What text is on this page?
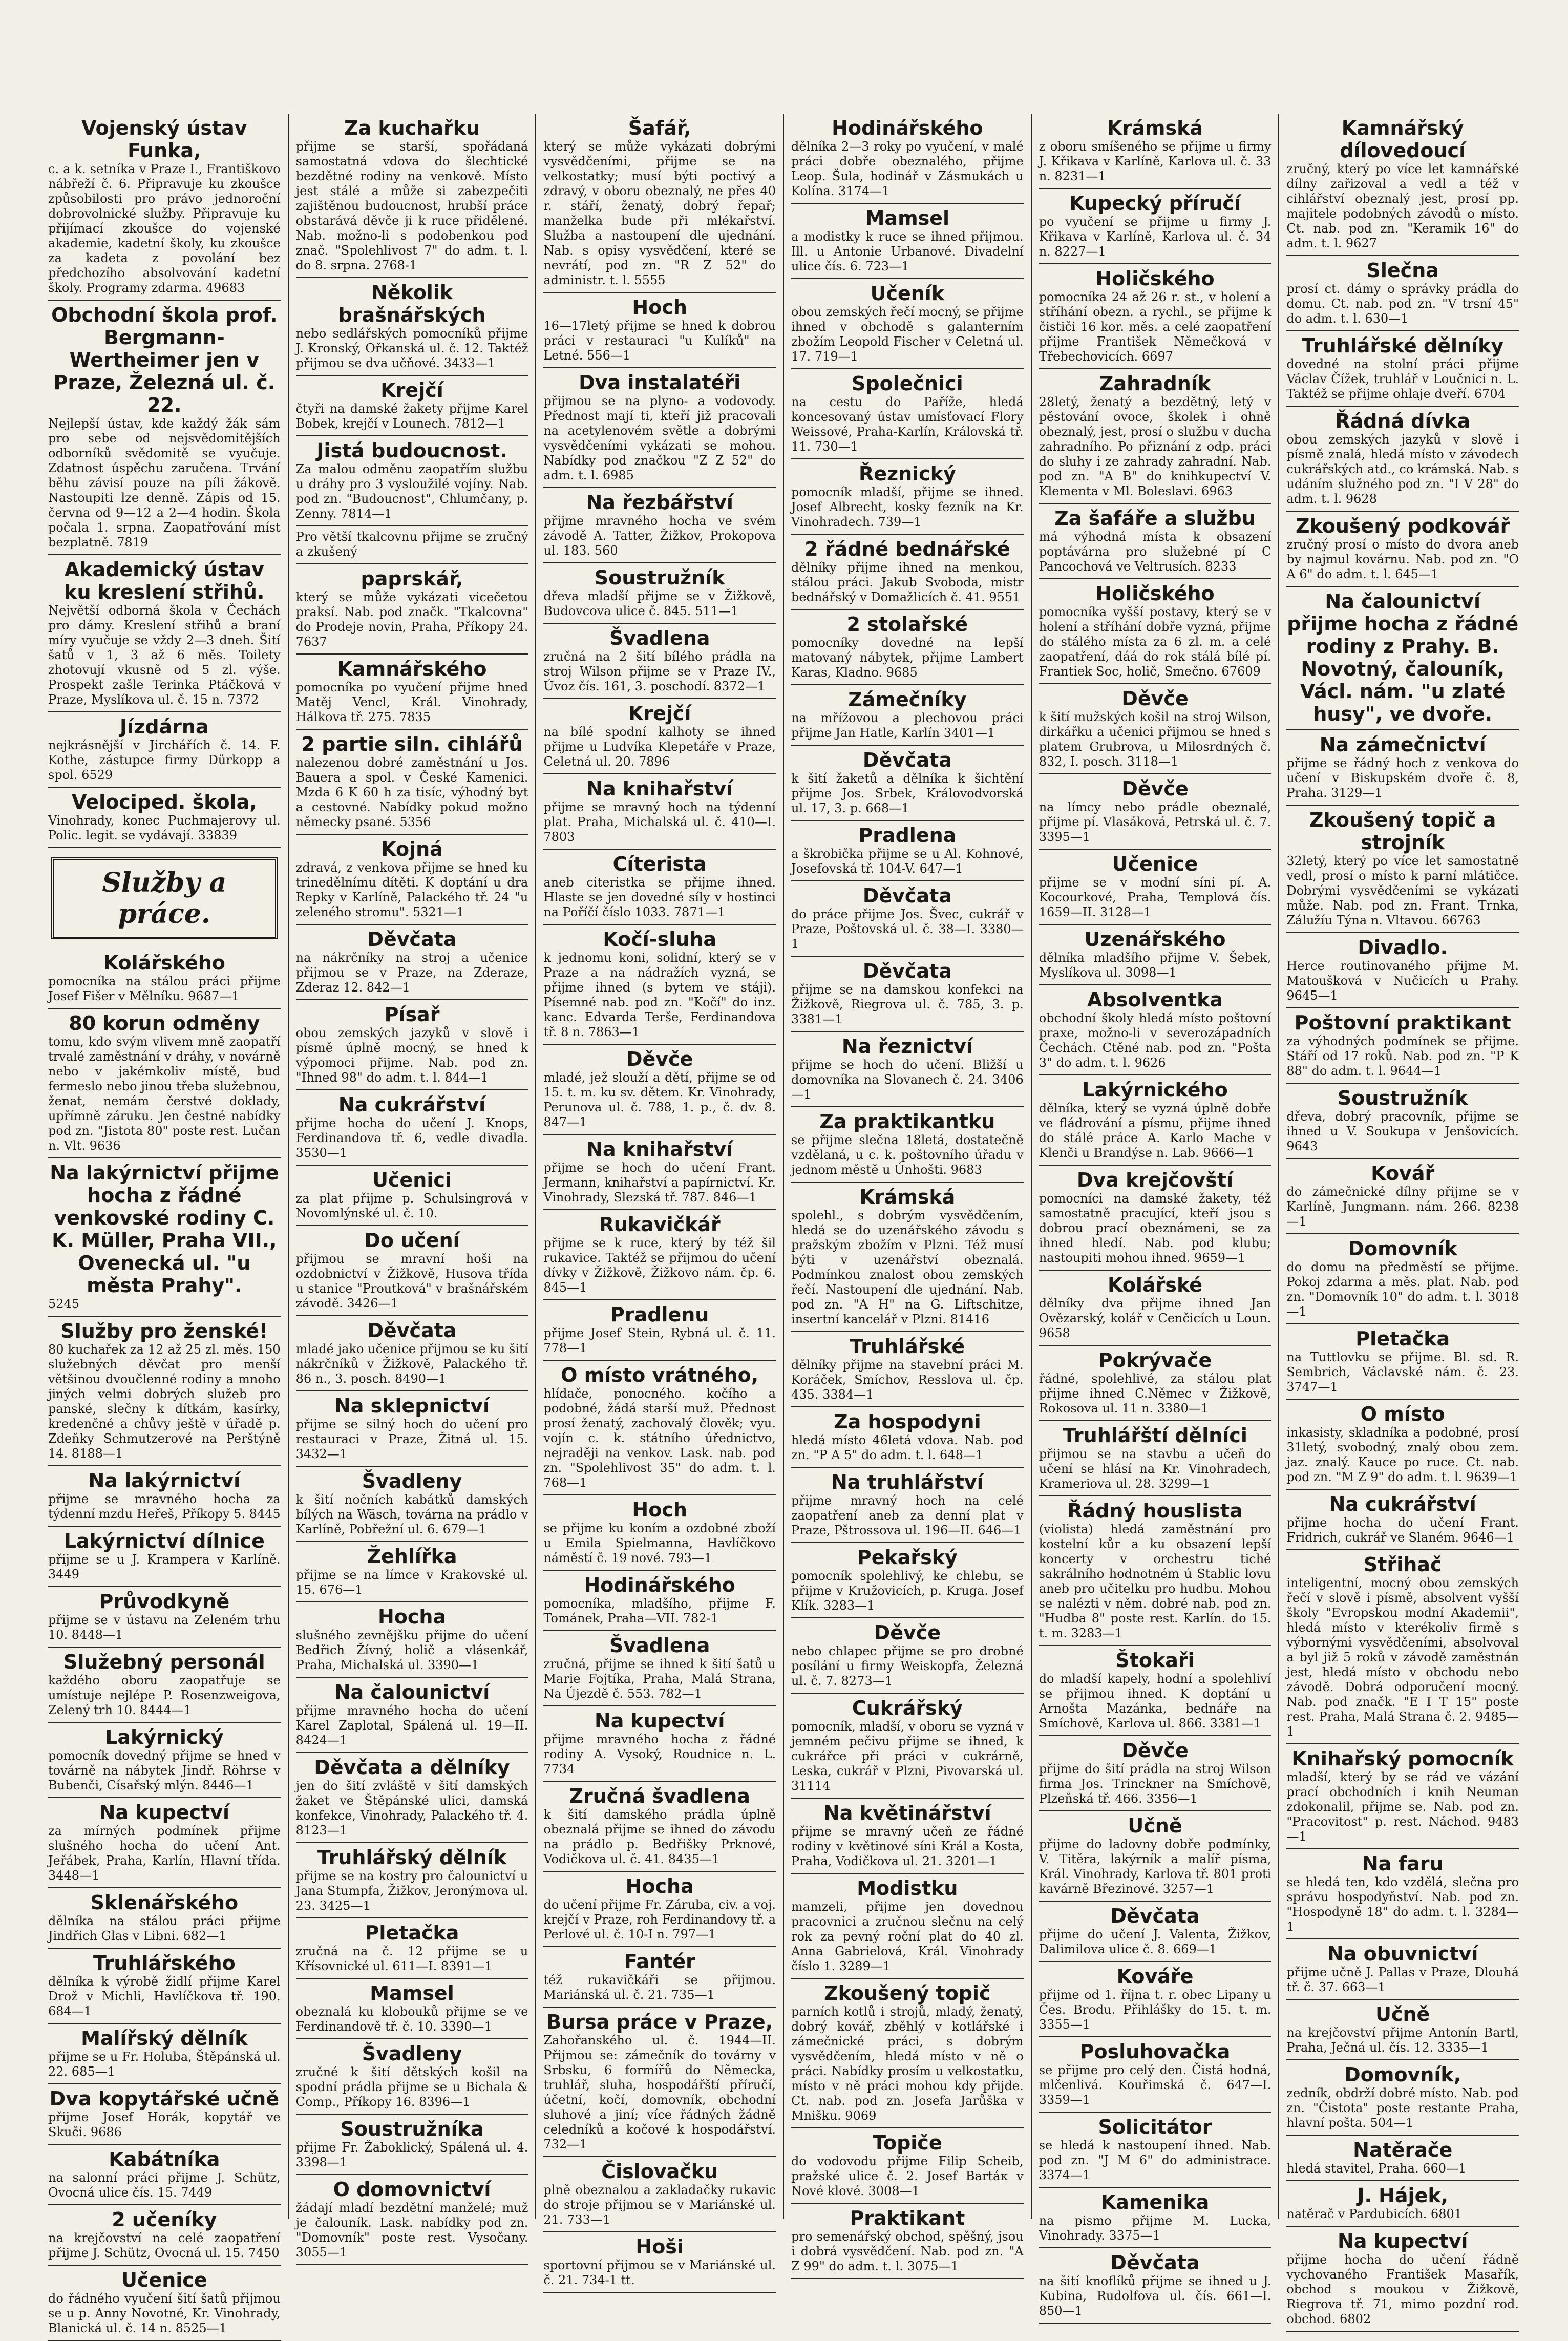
Vojenský ústav Funka,
c. a k. setníka v Praze I., Františkovo nábřeží č. 6. Připravuje ku zkoušce způsobilosti pro právo jednoroční dobrovolnické služby. Připravuje ku přijímací zkoušce do vojenské akademie, kadetní školy, ku zkoušce za kadeta z povolání bez předchozího absolvování kadetní školy. Programy zdarma. 49683
Obchodní škola prof. Bergmann-Wertheimer jen v Praze, Železná ul. č. 22.
Nejlepší ústav, kde každý žák sám pro sebe od nejsvědomitějších odborníků svědomitě se vyučuje. Zdatnost úspěchu zaručena. Trvání běhu závisí pouze na píli žákově. Nastoupiti lze denně. Zápis od 15. června od 9—12 a 2—4 hodin. Škola počala 1. srpna. Zaopatřování míst bezplatně. 7819
Akademický ústav ku kreslení střihů.
Největší odborná škola v Čechách pro dámy. Kreslení střihů a braní míry vyučuje se vždy 2—3 dneh. Šití šatů v 1, 3 až 6 měs. Toilety zhotovují vkusně od 5 zl. výše. Prospekt zašle Terinka Ptáčková v Praze, Myslíkova ul. č. 15 n. 7372
Jízdárna
nejkrásnější v Jirchářích č. 14. F. Kothe, zástupce firmy Dürkopp a spol. 6529
Velociped. škola,
Vinohrady, konec Puchmajerovy ul. Polic. legit. se vydávají. 33839
Služby a práce.
Kolářského
pomocníka na stálou práci přijme Josef Fišer v Mělníku. 9687—1
80 korun odměny
tomu, kdo svým vlivem mně zaopatří trvalé zaměstnání v dráhy, v novárně nebo v jakémkoliv místě, bud fermeslo nebo jinou třeba služebnou, ženat, nemám čerstvé doklady, upřímně záruku. Jen čestné nabídky pod zn. "Jistota 80" poste rest. Lučan n. Vlt. 9636
Na lakýrnictví přijme hocha z řádné venkovské rodiny C. K. Müller, Praha VII., Ovenecká ul. "u města Prahy".
5245
Služby pro ženské!
80 kuchařek za 12 až 25 zl. měs. 150 služebných děvčat pro menší většinou dvoučlenné rodiny a mnoho jiných velmi dobrých služeb pro panské, slečny k dítkám, kasírky, kredenčné a chůvy ještě v úřadě p. Zdeňky Schmutzerové na Perštýně 14. 8188—1
Na lakýrnictví
přijme se mravného hocha za týdenní mzdu Heřeš, Příkopy 5. 8445
Lakýrnictví dílnice
přijme se u J. Krampera v Karlíně. 3449
Průvodkyně
přijme se v ústavu na Zeleném trhu 10. 8448—1
Služebný personál
každého oboru zaopatřuje se umístuje nejlépe P. Rosenzweigova, Zelený trh 10. 8444—1
Lakýrnický
pomocník dovedný přijme se hned v továrně na nábytek Jindř. Röhrse v Bubenči, Císařský mlýn. 8446—1
Na kupectví
za mírných podmínek přijme slušného hocha do učení Ant. Jeřábek, Praha, Karlín, Hlavní třída. 3448—1
Sklenářského
dělníka na stálou práci přijme Jindřich Glas v Libni. 682—1
Truhlářského
dělníka k výrobě židlí přijme Karel Drož v Michli, Havlíčkova tř. 190. 684—1
Malířský dělník
přijme se u Fr. Holuba, Štěpánská ul. 22. 685—1
Dva kopytářské učně
přijme Josef Horák, kopytář ve Skuči. 9686
Kabátníka
na salonní práci přijme J. Schütz, Ovocná ulice čís. 15. 7449
2 učeníky
na krejčovství na celé zaopatření přijme J. Schütz, Ovocná ul. 15. 7450
Učenice
do řádného vyučení šití šatů přijmou se u p. Anny Novotné, Kr. Vinohrady, Blanická ul. č. 14 n. 8525—1
Za kuchařku
přijme se starší, spořádaná samostatná vdova do šlechtické bezdětné rodiny na venkově. Místo jest stálé a může si zabezpečiti zajištěnou budoucnost, hrubší práce obstarává děvče ji k ruce přidělené. Nab. možno-li s podobenkou pod znač. "Spolehlivost 7" do adm. t. l. do 8. srpna. 2768-1
Několik brašnářských
nebo sedlářských pomocníků přijme J. Kronský, Ořkanská ul. č. 12. Taktéž přijmou se dva učňové. 3433—1
Krejčí
čtyři na damské žakety přijme Karel Bobek, krejčí v Lounech. 7812—1
Jistá budoucnost.
Za malou odměnu zaopatřím službu u dráhy pro 3 vysloužilé vojíny. Nab. pod zn. "Budoucnost", Chlumčany, p. Zenny. 7814—1
Pro větší tkalcovnu přijme se zručný a zkušený
paprskář,
který se může vykázati vicečetou praksí. Nab. pod značk. "Tkalcovna" do Prodeje novin, Praha, Příkopy 24. 7637
Kamnářského
pomocníka po vyučení přijme hned Matěj Vencl, Král. Vinohrady, Hálkova tř. 275. 7835
2 partie siln. cihlářů
nalezenou dobré zaměstnání u Jos. Bauera a spol. v České Kamenici. Mzda 6 K 60 h za tisíc, výhodný byt a cestovné. Nabídky pokud možno německy psané. 5356
Kojná
zdravá, z venkova přijme se hned ku trinedělnímu dítěti. K doptání u dra Repky v Karlíně, Palackého tř. 24 "u zeleného stromu". 5321—1
Děvčata
na nákrčníky na stroj a učenice přijmou se v Praze, na Zderaze, Zderaz 12. 842—1
Písař
obou zemských jazyků v slově i písmě úplně mocný, se hned k výpomoci přijme. Nab. pod zn. "Ihned 98" do adm. t. l. 844—1
Na cukrářství
přijme hocha do učení J. Knops, Ferdinandova tř. 6, vedle divadla. 3530—1
Učenici
za plat přijme p. Schulsingrová v Novomlýnské ul. č. 10.
Do učení
přijmou se mravní hoši na ozdobnictví v Žižkově, Husova třída u stanice "Proutková" v brašnářském závodě. 3426—1
Děvčata
mladé jako učenice přijmou se ku šití nákrčníků v Žižkově, Palackého tř. 86 n., 3. posch. 8490—1
Na sklepnictví
přijme se silný hoch do učení pro restauraci v Praze, Žitná ul. 15. 3432—1
Švadleny
k šití nočních kabátků damských bílých na Wäsch, továrna na prádlo v Karlíně, Pobřežní ul. 6. 679—1
Žehlířka
přijme se na límce v Krakovské ul. 15. 676—1
Hocha
slušného zevnějšku přijme do učení Bedřich Žívný, holič a vlásenkář, Praha, Michalská ul. 3390—1
Na čalounictví
přijme mravného hocha do učení Karel Zaplotal, Spálená ul. 19—II. 8424—1
Děvčata a dělníky
jen do šití zvláště v šití damských žaket ve Štěpánské ulici, damská konfekce, Vinohrady, Palackého tř. 4. 8123—1
Truhlářský dělník
přijme se na kostry pro čalounictví u Jana Stumpfa, Žižkov, Jeronýmova ul. 23. 3425—1
Pletačka
zručná na č. 12 přijme se u Křísovnické ul. 611—I. 8391—1
Mamsel
obeznalá ku klobouků přijme se ve Ferdinandově tř. č. 10. 3390—1
Švadleny
zručné k šití dětských košil na spodní prádla přijme se u Bichala & Comp., Příkopy 16. 8396—1
Soustružníka
přijme Fr. Žaboklický, Spálená ul. 4. 3398—1
O domovnictví
žádají mladí bezdětní manželé; muž je čalouník. Lask. nabídky pod zn. "Domovník" poste rest. Vysočany. 3055—1
Šafář,
který se může vykázati dobrými vysvědčeními, přijme se na velkostatky; musí býti poctivý a zdravý, v oboru obeznalý, ne přes 40 r. stáří, ženatý, dobrý řepař; manželka bude při mlékařství. Služba a nastoupení dle ujednání. Nab. s opisy vysvědčení, které se nevrátí, pod zn. "R Z 52" do administr. t. l. 5555
Hoch
16—17letý přijme se hned k dobrou práci v restauraci "u Kulíků" na Letné. 556—1
Dva instalatéři
přijmou se na plyno- a vodovody. Přednost mají ti, kteří již pracovali na acetylenovém světle a dobrými vysvědčeními vykázati se mohou. Nabídky pod značkou "Z Z 52" do adm. t. l. 6985
Na řezbářství
přijme mravného hocha ve svém závodě A. Tatter, Žižkov, Prokopova ul. 183. 560
Soustružník
dřeva mladší přijme se v Žižkově, Budovcova ulice č. 845. 511—1
Švadlena
zručná na 2 šití bílého prádla na stroj Wilson přijme se v Praze IV., Úvoz čís. 161, 3. poschodí. 8372—1
Krejčí
na bílé spodní kalhoty se ihned přijme u Ludvíka Klepetáře v Praze, Celetná ul. 20. 7896
Na knihařství
přijme se mravný hoch na týdenní plat. Praha, Michalská ul. č. 410—I. 7803
Cíteristа
aneb citeristka se přijme ihned. Hlaste se jen dovedné síly v hostinci na Poříčí číslo 1033. 7871—1
Kočí-sluha
k jednomu koni, solidní, který se v Praze a na nádražích vyzná, se přijme ihned (s bytem ve stáji). Písemné nab. pod zn. "Kočí" do inz. kanc. Edvarda Terše, Ferdinandova tř. 8 n. 7863—1
Děvče
mladé, jež slouží a dětí, přijme se od 15. t. m. ku sv. dětem. Kr. Vinohrady, Perunova ul. č. 788, 1. p., č. dv. 8. 847—1
Na knihařství
přijme se hoch do učení Frant. Jermann, knihařství a papírnictví. Kr. Vinohrady, Slezská tř. 787. 846—1
Rukavičkář
přijme se k ruce, který by též šil rukavice. Taktéž se přijmou do učení dívky v Žižkově, Žižkovo nám. čp. 6. 845—1
Pradlenu
přijme Josef Stein, Rybná ul. č. 11. 778—1
O místo vrátného,
hlídače, ponocného. kočího a podobné, žádá starší muž. Přednost prosí ženatý, zachovalý člověk; vyu. vojín c. k. státního úřednictvo, nejraději na venkov. Lask. nab. pod zn. "Spolehlivost 35" do adm. t. l. 768—1
Hoch
se přijme ku koním a ozdobné zboží u Emila Spielmanna, Havlíčkovo náměstí č. 19 nové. 793—1
Hodinářského
pomocníka, mladšího, přijme F. Tománek, Praha—VII. 782-1
Švadlena
zručná, přijme se ihned k šití šatů u Marie Fojtíka, Praha, Malá Strana, Na Újezdě č. 553. 782—1
Na kupectví
přijme mravného hocha z řádné rodiny A. Vysoký, Roudnice n. L. 7734
Zručná švadlena
k šití damského prádla úplně obeznalá přijme se ihned do závodu na prádlo p. Bedřišky Prknové, Vodičkova ul. č. 41. 8435—1
Hocha
do učení přijme Fr. Záruba, civ. a voj. krejčí v Praze, roh Ferdinandovy tř. a Perlové ul. č. 10-I n. 797—1
Fantér
též rukavičkáři se přijmou. Mariánská ul. č. 21. 735—1
Bursa práce v Praze,
Zahořanského ul. č. 1944—II. Přijmou se: zámečník do továrny v Srbsku, 6 formířů do Německa, truhlář, sluha, hospodářští příručí, účetní, kočí, domovník, obchodní sluhové a jiní; více řádných žádně celedníků a kočové k hospodářství. 732—1
Čislovačku
plně obeznalou a zakladačky rukavic do stroje přijmou se v Mariánské ul. 21. 733—1
Hoši
sportovní přijmou se v Mariánské ul. č. 21. 734-1 tt.
Hodinářského
dělníka 2—3 roky po vyučení, v malé práci dobře obeznalého, přijme Leop. Šula, hodinář v Zásmukách u Kolína. 3174—1
Mamsel
a modistky k ruce se ihned přijmou. Ill. u Antonie Urbanové. Divadelní ulice čís. 6. 723—1
Učeník
obou zemských řečí mocný, se přijme ihned v obchodě s galanterním zbožím Leopold Fischer v Celetná ul. 17. 719—1
Společnici
na cestu do Paříže, hledá koncesovaný ústav umísťovací Flory Weissové, Praha-Karlín, Královská tř. 11. 730—1
Řeznický
pomocník mladší, přijme se ihned. Josef Albrecht, kosky fezník na Kr. Vinohradech. 739—1
2 řádné bednářské
dělníky přijme ihned na menkou, stálou práci. Jakub Svoboda, mistr bednářský v Domažlicích č. 41. 9551
2 stolařské
pomocníky dovedné na lepší matovaný nábytek, přijme Lambert Karas, Kladno. 9685
Zámečníky
na mřížovou a plechovou práci přijme Jan Hatle, Karlín 3401—1
Děvčata
k šití žaketů a dělníka k šichtění přijme Jos. Srbek, Královodvorská ul. 17, 3. p. 668—1
Pradlena
a škrobička přijme se u Al. Kohnové, Josefovská tř. 104-V. 647—1
Děvčata
do práce přijme Jos. Švec, cukrář v Praze, Poštovská ul. č. 38—I. 3380—1
Děvčata
přijme se na damskou konfekci na Žižkově, Riegrova ul. č. 785, 3. p. 3381—1
Na řeznictví
přijme se hoch do učení. Bližší u domovníka na Slovanech č. 24. 3406—1
Za praktikantku
se přijme slečna 18letá, dostatečně vzdělaná, u c. k. poštovního úřadu v jednom městě u Únhošti. 9683
Krámská
spolehl., s dobrým vysvědčením, hledá se do uzenářského závodu s pražským zbožím v Plzni. Též musí býti v uzenářství obeznalá. Podmínkou znalost obou zemských řečí. Nastoupení dle ujednání. Nab. pod zn. "A H" na G. Liftschitze, insertní kancelář v Plzni. 81416
Truhlářské
dělníky přijme na stavební práci M. Koráček, Smíchov, Resslova ul. čp. 435. 3384—1
Za hospodyni
hledá místo 46letá vdova. Nab. pod zn. "P A 5" do adm. t. l. 648—1
Na truhlářství
přijme mravný hoch na celé zaopatření aneb za denní plat v Praze, Pštrossova ul. 196—II. 646—1
Pekařský
pomocník spolehlivý, ke chlebu, se přijme v Kružovicích, p. Kruga. Josef Klík. 3283—1
Děvče
nebo chlapec přijme se pro drobné posílání u firmy Weiskopfa, Železná ul. č. 7. 8273—1
Cukrářský
pomocník, mladší, v oboru se vyzná v jemném pečivu přijme se ihned, k cukrářce při práci v cukrárně, Leska, cukrář v Plzni, Pivovarská ul. 31114
Na květinářství
přijme se mravný učeň ze řádné rodiny v květinové síni Král a Kosta, Praha, Vodičkova ul. 21. 3201—1
Modistku
mamzeli, přijme jen dovednou pracovnici a zručnou slečnu na celý rok za pevný roční plat do 40 zl. Anna Gabrielová, Král. Vinohrady číslo 1. 3289—1
Zkoušený topič
parních kotlů i strojů, mladý, ženatý, dobrý kovář, zběhlý v kotlářské i zámečnické práci, s dobrým vysvědčením, hledá místo v ně o práci. Nabídky prosím u velkostatku, místo v ně práci mohou kdy přijde. Ct. nab. pod zn. Josefa Jarůška v Mnišku. 9069
Topiče
do vodovodu přijme Filip Scheib, pražské ulice č. 2. Josef Bartáк v Nové klové. 3008—1
Praktikant
pro semenářský obchod, spěšný, jsou i dobrá vysvědčení. Nab. pod zn. "A Z 99" do adm. t. l. 3075—1
Krámská
z oboru smíšeného se přijme u firmy J. Křikava v Karlíně, Karlova ul. č. 33 n. 8231—1
Kupecký příručí
po vyučení se přijme u firmy J. Křikava v Karlíně, Karlova ul. č. 34 n. 8227—1
Holičského
pomocníka 24 až 26 r. st., v holení a stříhání obezn. a rychl., se přijme k čističi 16 kor. měs. a celé zaopatření přijme František Němečková v Třebechovicích. 6697
Zahradník
28letý, ženatý a bezdětný, letý v pěstování ovoce, školek i ohně obeznalý, jest, prosí o službu v ducha zahradního. Po přiznání z odp. práci do sluhy i ze zahrady zahradní. Nab. pod zn. "A B" do knihkupectví V. Klementa v Ml. Boleslavi. 6963
Za šafáře a službu
má výhodná místa k obsazení poptávárna pro služebné pí C Pancochová ve Veltrusích. 8233
Holičského
pomocníka vyšší postavy, který se v holení a stříhání dobře vyzná, přijme do stálého místa za 6 zl. m. a celé zaopatření, dáá do rok stálá bílé pí. Frantiek Soc, holič, Smečno. 67609
Děvče
k šití mužských košil na stroj Wilson, dirkářku a učenici přijmou se hned s platem Grubrova, u Milosrdných č. 832, I. posch. 3118—1
Děvče
na límcy nebo prádle obeznalé, přijme pí. Vlasáková, Petrská ul. č. 7. 3395—1
Učenice
přijme se v modní síni pí. A. Kocourkové, Praha, Templová čís. 1659—II. 3128—1
Uzenářského
dělníka mladšího přijme V. Šebek, Myslíkova ul. 3098—1
Absolventka
obchodní školy hledá místo poštovní praxe, možno-li v severozápadních Čechách. Ctěné nab. pod zn. "Pošta 3" do adm. t. l. 9626
Lakýrnického
dělníka, který se vyzná úplně dobře ve fládrování a písmu, přijme ihned do stálé práce A. Karlo Mache v Klenči u Brandýse n. Lab. 9666—1
Dva krejčovští
pomocníci na damské žakety, též samostatně pracující, kteří jsou s dobrou prací obeznámeni, se za ihned hledí. Nab. pod klubu; nastoupiti mohou ihned. 9659—1
Kolářské
dělníky dva přijme ihned Jan Ovězarský, kolář v Cenčicích u Loun. 9658
Pokrývače
řádné, spolehlivé, za stálou plat přijme ihned C.Němec v Žižkově, Rokosova ul. 11 n. 3380—1
Truhlářští dělníci
přijmou se na stavbu a učeň do učení se hlásí na Kr. Vinohradech, Krameriova ul. 28. 3299—1
Řádný houslista
(violista) hledá zaměstnání pro kostelní kůr a ku obsazení lepší koncerty v orchestru tiché sakrálního hodnotném ú Stablic lovu aneb pro učitelku pro hudbu. Mohou se nalézti v něm. dobré nab. pod zn. "Hudba 8" poste rest. Karlín. do 15. t. m. 3283—1
Štokaři
do mladší kapely, hodní a spolehliví se přijmou ihned. K doptání u Arnošta Mazánka, bednáře na Smíchově, Karlova ul. 866. 3381—1
Děvče
přijme do šití prádla na stroj Wilson firma Jos. Trinckner na Smíchově, Plzeňská tř. 466. 3356—1
Učně
přijme do ladovny dobře podmínky, V. Titěra, lakýrník a malíř písma, Král. Vinohrady, Karlova tř. 801 proti kavárně Březinové. 3257—1
Děvčata
přijme do učení J. Valenta, Žižkov, Dalimilova ulice č. 8. 669—1
Kováře
přijme od 1. října t. r. obec Lipany u Čes. Brodu. Přihlášky do 15. t. m. 3355—1
Posluhovačka
se přijme pro celý den. Čistá hodná, mlčenlivá. Kouřimská č. 647—I. 3359—1
Solicitátor
se hledá k nastoupení ihned. Nab. pod zn. "J M 6" do administrace. 3374—1
Kamenika
na pismo přijme M. Lucka, Vinohrady. 3375—1
Děvčata
na šití knoflíků přijme se ihned u J. Kubina, Rudolfova ul. čís. 661—I. 850—1
Kamnářský dílovedoucí
zručný, který po více let kamnářské dílny zařizoval a vedl a též v cihlářství obeznalý jest, prosí pp. majitele podobných závodů o místo. Ct. nab. pod zn. "Keramik 16" do adm. t. l. 9627
Slečna
prosí ct. dámy o správky prádla do domu. Ct. nab. pod zn. "V trsní 45" do adm. t. l. 630—1
Truhlářské dělníky
dovedné na stolní práci přijme Václav Čížek, truhlář v Loučnici n. L. Taktéž se přijme ohlaje dveří. 6704
Řádná dívka
obou zemských jazyků v slově i písmě znalá, hledá místo v závodech cukrářských atd., co krámská. Nab. s udáním služného pod zn. "I V 28" do adm. t. l. 9628
Zkoušený podkovář
zručný prosí o místo do dvora aneb by najmul kovárnu. Nab. pod zn. "O A 6" do adm. t. l. 645—1
Na čalounictví přijme hocha z řádné rodiny z Prahy. B. Novotný, čalouník, Václ. nám. "u zlaté husy", ve dvoře.
Na zámečnictví
přijme se řádný hoch z venkova do učení v Biskupském dvoře č. 8, Praha. 3129—1
Zkoušený topič a strojník
32letý, který po více let samostatně vedl, prosí o místo k parní mlátičce. Dobrými vysvědčeními se vykázati může. Nab. pod zn. Frant. Trnka, Zálužíu Týna n. Vltavou. 66763
Divadlo.
Herce routinovaného přijme M. Matoušková v Nučicích u Prahy. 9645—1
Poštovní praktikant
za výhodných podmínek se přijme. Stáří od 17 roků. Nab. pod zn. "P K 88" do adm. t. l. 9644—1
Soustružník
dřeva, dobrý pracovník, přijme se ihned u V. Soukupa v Jenšovicích. 9643
Kovář
do zámečnické dílny přijme se v Karlíně, Jungmann. nám. 266. 8238—1
Domovník
do domu na předměstí se přijme. Pokoj zdarma a měs. plat. Nab. pod zn. "Domovník 10" do adm. t. l. 3018—1
Pletačka
na Tuttlovku se přijme. Bl. sd. R. Sembrich, Václavské nám. č. 23. 3747—1
O místo
inkasisty, skladníka a podobné, prosí 31letý, svobodný, znalý obou zem. jaz. znalý. Kauce po ruce. Ct. nab. pod zn. "M Z 9" do adm. t. l. 9639—1
Na cukrářství
přijme hocha do učení Frant. Fridrich, cukrář ve Slaném. 9646—1
Střihač
inteligentní, mocný obou zemských řečí v slově i písmě, absolvent vyšší školy "Evropskou modní Akademii", hledá místo v kterékoliv firmě s výbornými vysvědčeními, absolvoval a byl již 5 roků v závodě zaměstnán jest, hledá místo v obchodu nebo závodě. Dobrá odporučení mocný. Nab. pod značk. "E I T 15" poste rest. Praha, Malá Strana č. 2. 9485—1
Knihařský pomocník
mladší, který by se rád ve vázání prací obchodních i knih Neuman zdokonalil, přijme se. Nab. pod zn. "Pracovitost" p. rest. Náchod. 9483—1
Na faru
se hledá ten, kdo vzdělá, slečna pro správu hospodyňství. Nab. pod zn. "Hospodyně 18" do adm. t. l. 3284—1
Na obuvnictví
přijme učně J. Pallas v Praze, Dlouhá tř. č. 37. 663—1
Učně
na krejčovství přijme Antonín Bartl, Praha, Ječná ul. čís. 12. 3335—1
Domovník,
zedník, obdrží dobré místo. Nab. pod zn. "Čistota" poste restante Praha, hlavní pošta. 504—1
Natěrače
hledá stavitel, Praha. 660—1
J. Hájek,
natěrač v Pardubicích. 6801
Na kupectví
přijme hocha do učení řádně vychovaného František Masařík, obchod s moukou v Žižkově, Riegrova tř. 71, mimo pozdní rod. obchod. 6802
